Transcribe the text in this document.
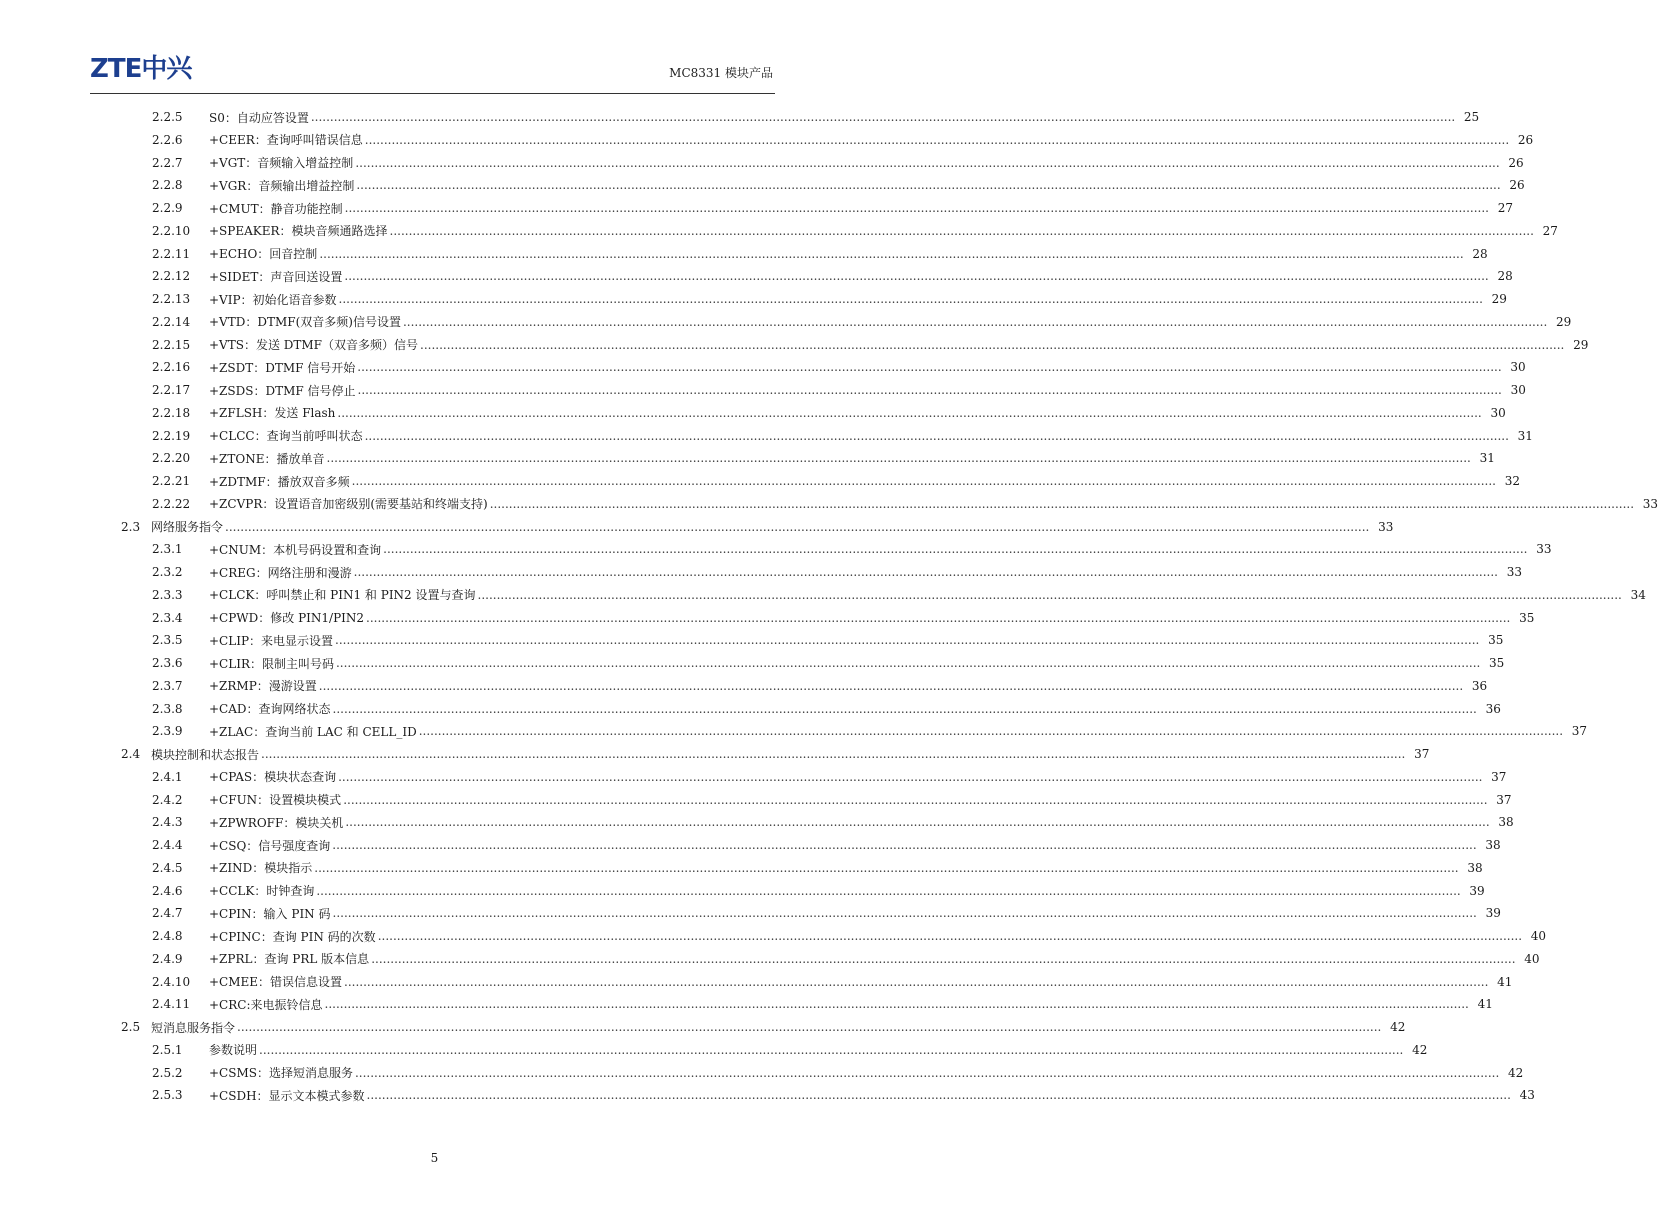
ZTE中兴	MC8331 模块产品
2.2.5	S0：自动应答设置 ............................................................................................................................................................................................................................................................................................................ 25
2.2.6	+CEER：查询呼叫错误信息 ............................................................................................................................................................................................................................................................................................................ 26
2.2.7	+VGT：音频输入增益控制 ............................................................................................................................................................................................................................................................................................................ 26
2.2.8	+VGR：音频输出增益控制 ............................................................................................................................................................................................................................................................................................................ 26
2.2.9	+CMUT：静音功能控制 ............................................................................................................................................................................................................................................................................................................ 27
2.2.10	+SPEAKER：模块音频通路选择 ............................................................................................................................................................................................................................................................................................................ 27
2.2.11	+ECHO：回音控制 ............................................................................................................................................................................................................................................................................................................ 28
2.2.12	+SIDET：声音回送设置 ............................................................................................................................................................................................................................................................................................................ 28
2.2.13	+VIP：初始化语音参数 ............................................................................................................................................................................................................................................................................................................ 29
2.2.14	+VTD：DTMF(双音多频)信号设置 ............................................................................................................................................................................................................................................................................................................ 29
2.2.15	+VTS：发送 DTMF（双音多频）信号 ............................................................................................................................................................................................................................................................................................................ 29
2.2.16	+ZSDT：DTMF 信号开始 ............................................................................................................................................................................................................................................................................................................ 30
2.2.17	+ZSDS：DTMF 信号停止 ............................................................................................................................................................................................................................................................................................................ 30
2.2.18	+ZFLSH：发送 Flash ............................................................................................................................................................................................................................................................................................................ 30
2.2.19	+CLCC：查询当前呼叫状态 ............................................................................................................................................................................................................................................................................................................ 31
2.2.20	+ZTONE：播放单音 ............................................................................................................................................................................................................................................................................................................ 31
2.2.21	+ZDTMF：播放双音多频 ............................................................................................................................................................................................................................................................................................................ 32
2.2.22	+ZCVPR：设置语音加密级别(需要基站和终端支持) ............................................................................................................................................................................................................................................................................................................ 33
2.3 网络服务指令 ............................................................................................................................................................................................................................................................................................................ 33
2.3.1	+CNUM：本机号码设置和查询 ............................................................................................................................................................................................................................................................................................................ 33
2.3.2	+CREG：网络注册和漫游 ............................................................................................................................................................................................................................................................................................................ 33
2.3.3	+CLCK：呼叫禁止和 PIN1 和 PIN2 设置与查询 ............................................................................................................................................................................................................................................................................................................ 34
2.3.4	+CPWD：修改 PIN1/PIN2 ............................................................................................................................................................................................................................................................................................................ 35
2.3.5	+CLIP：来电显示设置 ............................................................................................................................................................................................................................................................................................................ 35
2.3.6	+CLIR：限制主叫号码 ............................................................................................................................................................................................................................................................................................................ 35
2.3.7	+ZRMP：漫游设置 ............................................................................................................................................................................................................................................................................................................ 36
2.3.8	+CAD：查询网络状态 ............................................................................................................................................................................................................................................................................................................ 36
2.3.9	+ZLAC：查询当前 LAC 和 CELL_ID ............................................................................................................................................................................................................................................................................................................ 37
2.4 模块控制和状态报告 ............................................................................................................................................................................................................................................................................................................ 37
2.4.1	+CPAS：模块状态查询 ............................................................................................................................................................................................................................................................................................................ 37
2.4.2	+CFUN：设置模块模式 ............................................................................................................................................................................................................................................................................................................ 37
2.4.3	+ZPWROFF：模块关机 ............................................................................................................................................................................................................................................................................................................ 38
2.4.4	+CSQ：信号强度查询 ............................................................................................................................................................................................................................................................................................................ 38
2.4.5	+ZIND：模块指示 ............................................................................................................................................................................................................................................................................................................ 38
2.4.6	+CCLK：时钟查询 ............................................................................................................................................................................................................................................................................................................ 39
2.4.7	+CPIN：输入 PIN 码 ............................................................................................................................................................................................................................................................................................................ 39
2.4.8	+CPINC：查询 PIN 码的次数 ............................................................................................................................................................................................................................................................................................................ 40
2.4.9	+ZPRL：查询 PRL 版本信息 ............................................................................................................................................................................................................................................................................................................ 40
2.4.10	+CMEE：错误信息设置 ............................................................................................................................................................................................................................................................................................................ 41
2.4.11	+CRC:来电振铃信息 ............................................................................................................................................................................................................................................................................................................ 41
2.5 短消息服务指令 ............................................................................................................................................................................................................................................................................................................ 42
2.5.1	参数说明 ............................................................................................................................................................................................................................................................................................................ 42
2.5.2	+CSMS：选择短消息服务 ............................................................................................................................................................................................................................................................................................................ 42
2.5.3	+CSDH：显示文本模式参数 ............................................................................................................................................................................................................................................................................................................ 43
5
